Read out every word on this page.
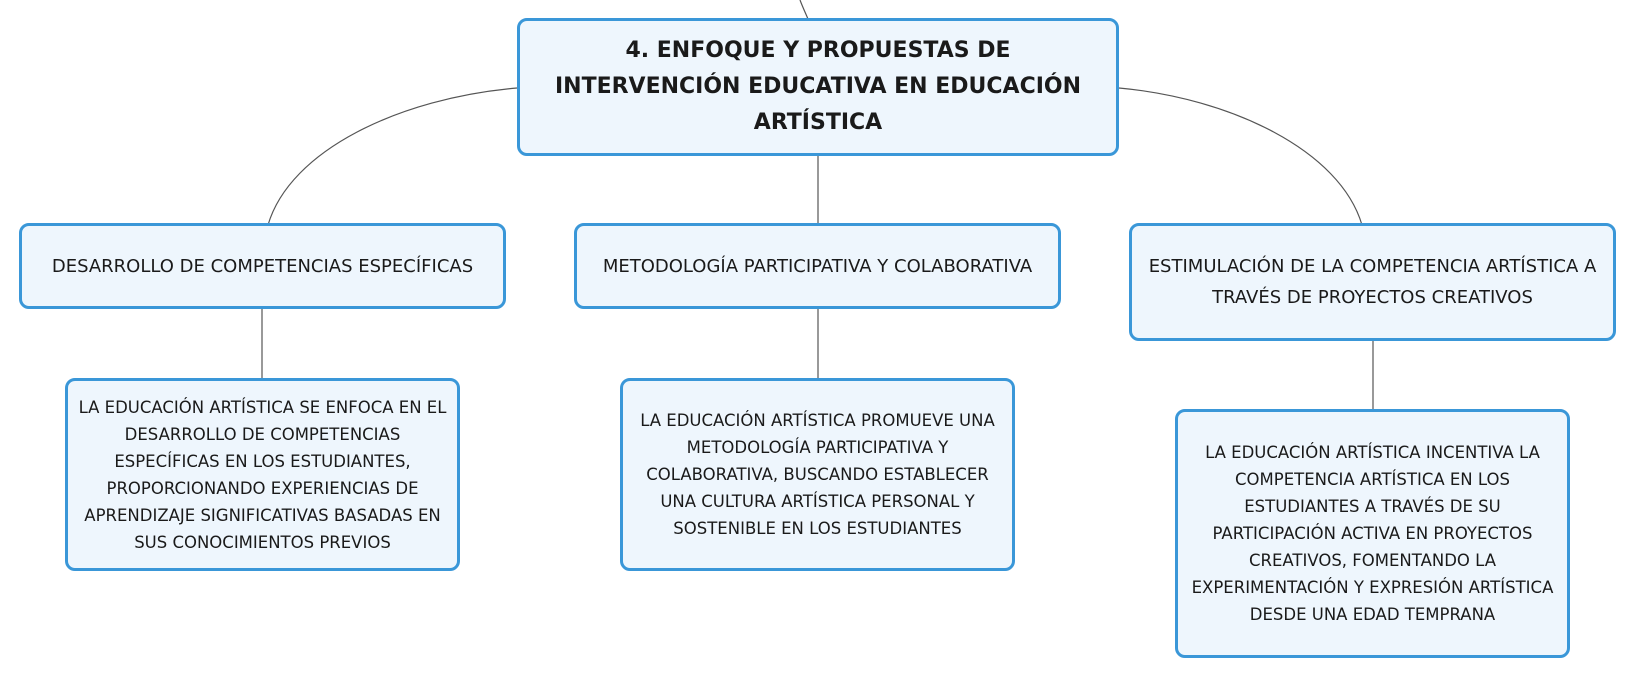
4. ENFOQUE Y PROPUESTAS DE INTERVENCIÓN EDUCATIVA EN EDUCACIÓN ARTÍSTICA
DESARROLLO DE COMPETENCIAS ESPECÍFICAS	METODOLOGÍA PARTICIPATIVA Y COLABORATIVA	ESTIMULACIÓN DE LA COMPETENCIA ARTÍSTICA A TRAVÉS DE PROYECTOS CREATIVOS
LA EDUCACIÓN ARTÍSTICA SE ENFOCA EN EL DESARROLLO DE COMPETENCIAS ESPECÍFICAS EN LOS ESTUDIANTES, PROPORCIONANDO EXPERIENCIAS DE APRENDIZAJE SIGNIFICATIVAS BASADAS EN SUS CONOCIMIENTOS PREVIOS
LA EDUCACIÓN ARTÍSTICA PROMUEVE UNA METODOLOGÍA PARTICIPATIVA Y COLABORATIVA, BUSCANDO ESTABLECER UNA CULTURA ARTÍSTICA PERSONAL Y SOSTENIBLE EN LOS ESTUDIANTES
LA EDUCACIÓN ARTÍSTICA INCENTIVA LA COMPETENCIA ARTÍSTICA EN LOS ESTUDIANTES A TRAVÉS DE SU PARTICIPACIÓN ACTIVA EN PROYECTOS CREATIVOS, FOMENTANDO LA EXPERIMENTACIÓN Y EXPRESIÓN ARTÍSTICA DESDE UNA EDAD TEMPRANA
